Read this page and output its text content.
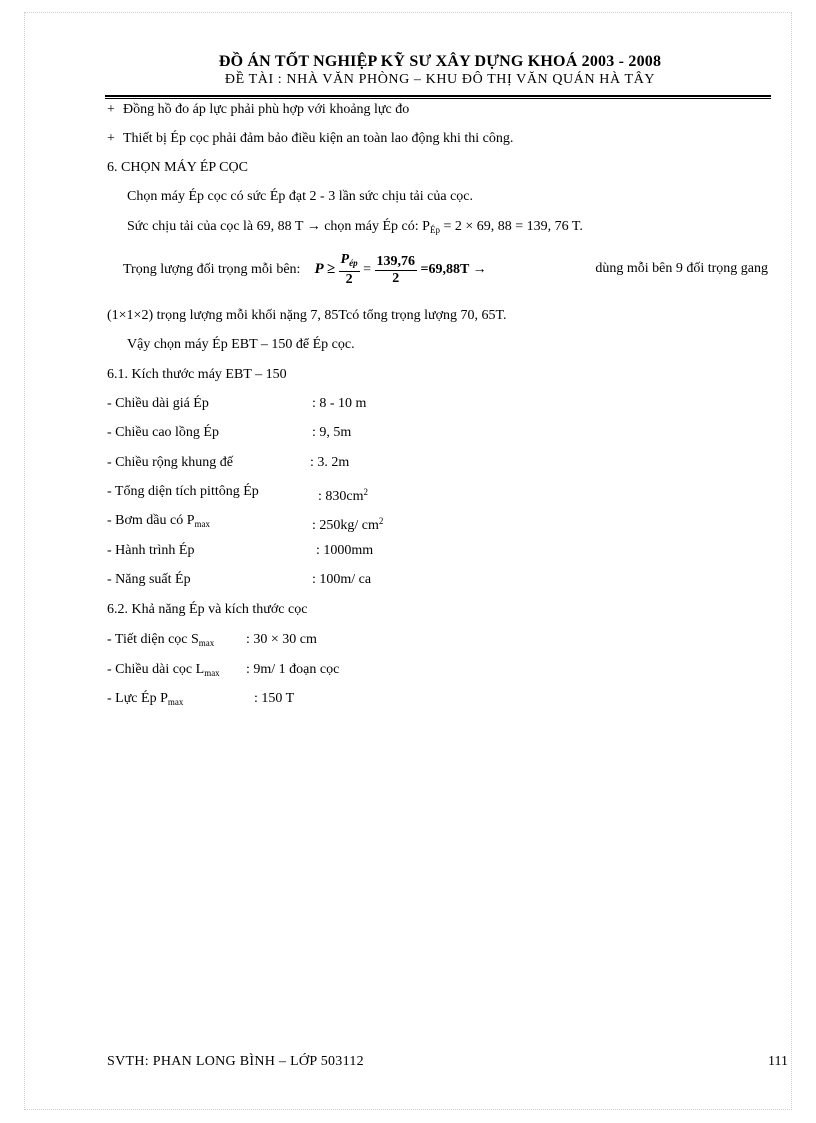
ĐỒ ÁN TỐT NGHIỆP KỸ SƯ XÂY DỰNG KHOÁ 2003 - 2008
ĐỀ TÀI : NHÀ VĂN PHÒNG – KHU ĐÔ THỊ VĂN QUÁN HÀ TÂY
+ Đồng hồ đo áp lực phải phù hợp với khoảng lực đo
+ Thiết bị Ép cọc phải đảm bảo điều kiện an toàn lao động khi thi công.
6. CHỌN MÁY ÉP CỌC
Chọn máy Ép cọc có sức Ép đạt 2 - 3 lần sức chịu tải của cọc.
Sức chịu tải của cọc là 69, 88 T → chọn máy Ép có: $P_{Ép} = 2 \times 69$, 88 = 139, 76 T.
Trọng lượng đối trọng mỗi bên: $P \ge \frac{P_{ép}}{2} = \frac{139,76}{2} =69,88T$ →	dùng mỗi bên 9 đối trọng gang
(1×1×2) trọng lượng mỗi khối nặng 7, 85Tcó tổng trọng lượng 70, 65T.
Vậy chọn máy Ép EBT – 150 để Ép cọc.
6.1. Kích thước máy EBT – 150
- Chiều dài giá Ép	: 8 - 10 m
- Chiều cao lồng Ép	: 9, 5m
- Chiều rộng khung đế	: 3. 2m
- Tổng diện tích pittông Ép	: $830cm^2$
- Bơm dầu có $P_{max}$	: 250kg/ $cm^2$
- Hành trình Ép	: 1000mm
- Năng suất Ép	: 100m/ ca
6.2. Khả năng Ép và kích thước cọc
- Tiết diện cọc $S_{max}$ : 30 × 30 cm
- Chiều dài cọc $L_{max}$ : 9m/ 1 đoạn cọc
- Lực Ép $P_{max}$	: 150 T
SVTH: PHAN LONG BÌNH – LỚP 503112	111
